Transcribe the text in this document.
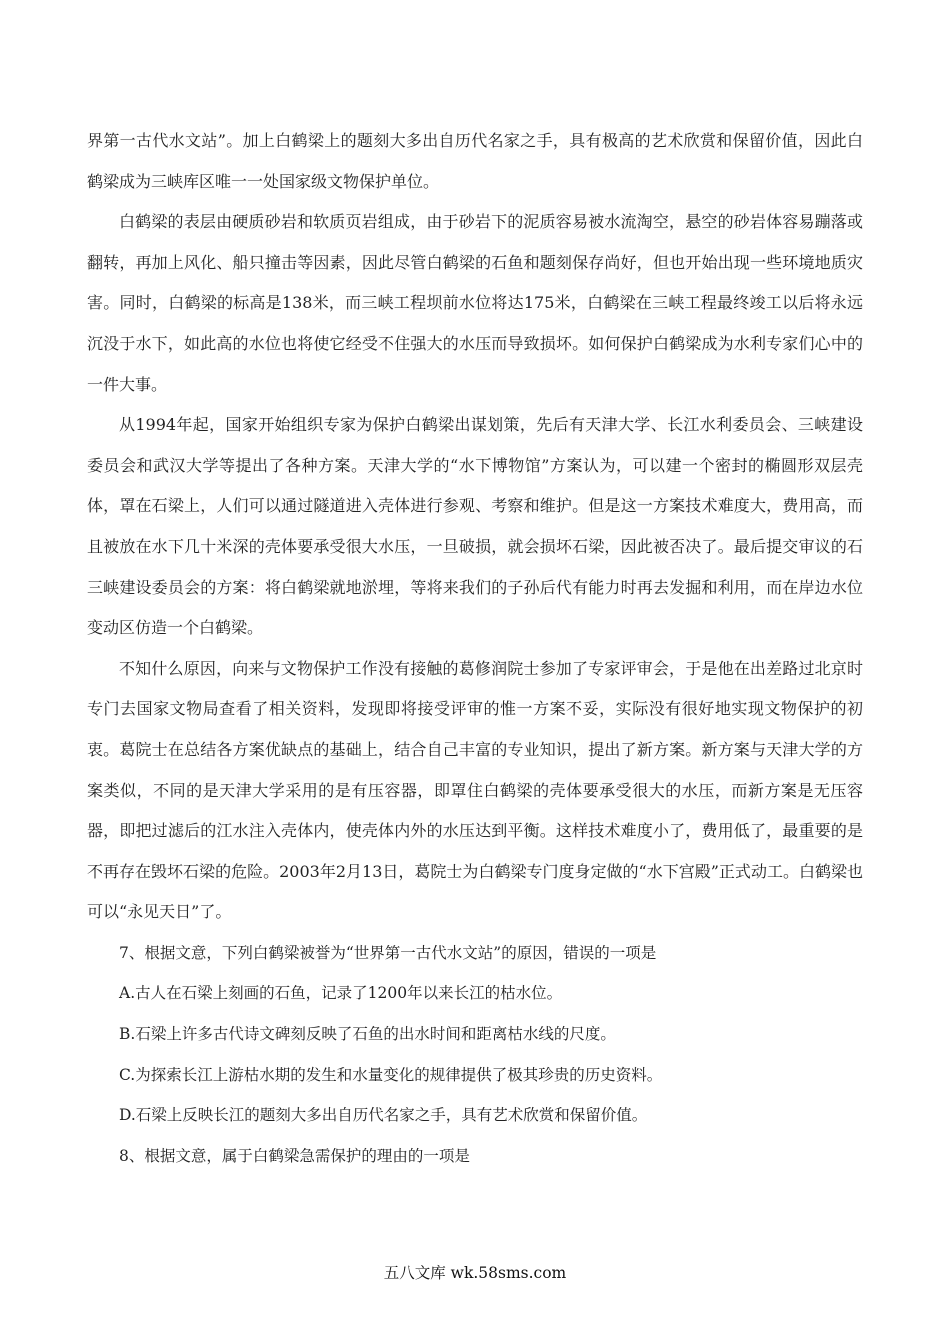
界第一古代水文站”。加上白鹤梁上的题刻大多出自历代名家之手，具有极高的艺术欣赏和保留价值，因此白鹤梁成为三峡库区唯一一处国家级文物保护单位。

白鹤梁的表层由硬质砂岩和软质页岩组成，由于砂岩下的泥质容易被水流淘空，悬空的砂岩体容易蹦落或翻转，再加上风化、船只撞击等因素，因此尽管白鹤梁的石鱼和题刻保存尚好，但也开始出现一些环境地质灾害。同时，白鹤梁的标高是138米，而三峡工程坝前水位将达175米，白鹤梁在三峡工程最终竣工以后将永远沉没于水下，如此高的水位也将使它经受不住强大的水压而导致损坏。如何保护白鹤梁成为水利专家们心中的一件大事。

从1994年起，国家开始组织专家为保护白鹤梁出谋划策，先后有天津大学、长江水利委员会、三峡建设委员会和武汉大学等提出了各种方案。天津大学的“水下博物馆”方案认为，可以建一个密封的椭圆形双层壳体，罩在石梁上，人们可以通过隧道进入壳体进行参观、考察和维护。但是这一方案技术难度大，费用高，而且被放在水下几十米深的壳体要承受很大水压，一旦破损，就会损坏石梁，因此被否决了。最后提交审议的石三峡建设委员会的方案：将白鹤梁就地淤埋，等将来我们的子孙后代有能力时再去发掘和利用，而在岸边水位变动区仿造一个白鹤梁。

不知什么原因，向来与文物保护工作没有接触的葛修润院士参加了专家评审会，于是他在出差路过北京时专门去国家文物局查看了相关资料，发现即将接受评审的惟一方案不妥，实际没有很好地实现文物保护的初衷。葛院士在总结各方案优缺点的基础上，结合自己丰富的专业知识，提出了新方案。新方案与天津大学的方案类似，不同的是天津大学采用的是有压容器，即罩住白鹤梁的壳体要承受很大的水压，而新方案是无压容器，即把过滤后的江水注入壳体内，使壳体内外的水压达到平衡。这样技术难度小了，费用低了，最重要的是不再存在毁坏石梁的危险。2003年2月13日，葛院士为白鹤梁专门度身定做的“水下宫殿”正式动工。白鹤梁也可以“永见天日”了。

7、根据文意，下列白鹤梁被誉为“世界第一古代水文站”的原因，错误的一项是

A.古人在石梁上刻画的石鱼，记录了1200年以来长江的枯水位。

B.石梁上许多古代诗文碑刻反映了石鱼的出水时间和距离枯水线的尺度。

C.为探索长江上游枯水期的发生和水量变化的规律提供了极其珍贵的历史资料。

D.石梁上反映长江的题刻大多出自历代名家之手，具有艺术欣赏和保留价值。

8、根据文意，属于白鹤梁急需保护的理由的一项是

五八文库 wk.58sms.com
